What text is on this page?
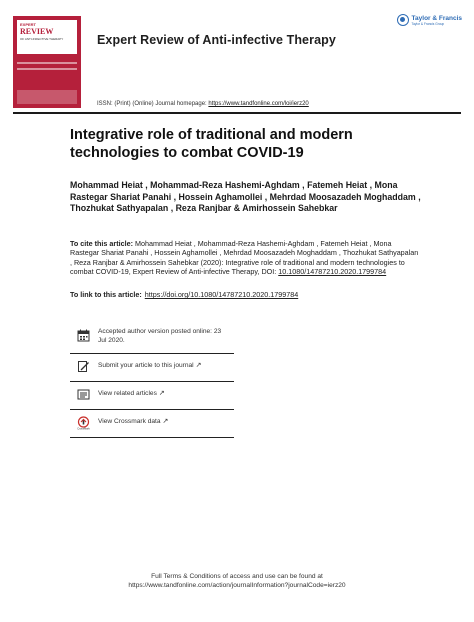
EXPERT
REVIEW
OF ANTI-INFECTIVE THERAPY	Expert Review of Anti-infective Therapy
Taylor & Francis
Taylor & Francis Group
ISSN: (Print) (Online) Journal homepage: https://www.tandfonline.com/loi/ierz20
Integrative role of traditional and modern technologies to combat COVID-19
Mohammad Heiat , Mohammad-Reza Hashemi-Aghdam , Fatemeh Heiat , Mona Rastegar Shariat Panahi , Hossein Aghamollei , Mehrdad Moosazadeh Moghaddam , Thozhukat Sathyapalan , Reza Ranjbar & Amirhossein Sahebkar
To cite this article: Mohammad Heiat , Mohammad-Reza Hashemi-Aghdam , Fatemeh Heiat , Mona Rastegar Shariat Panahi , Hossein Aghamollei , Mehrdad Moosazadeh Moghaddam , Thozhukat Sathyapalan , Reza Ranjbar & Amirhossein Sahebkar (2020): Integrative role of traditional and modern technologies to combat COVID-19, Expert Review of Anti-infective Therapy, DOI: 10.1080/14787210.2020.1799784
To link to this article: https://doi.org/10.1080/14787210.2020.1799784
Accepted author version posted online: 23 Jul 2020.
Submit your article to this journal ↗
View related articles ↗
CrossMark
View Crossmark data ↗
Full Terms & Conditions of access and use can be found at
https://www.tandfonline.com/action/journalInformation?journalCode=ierz20
